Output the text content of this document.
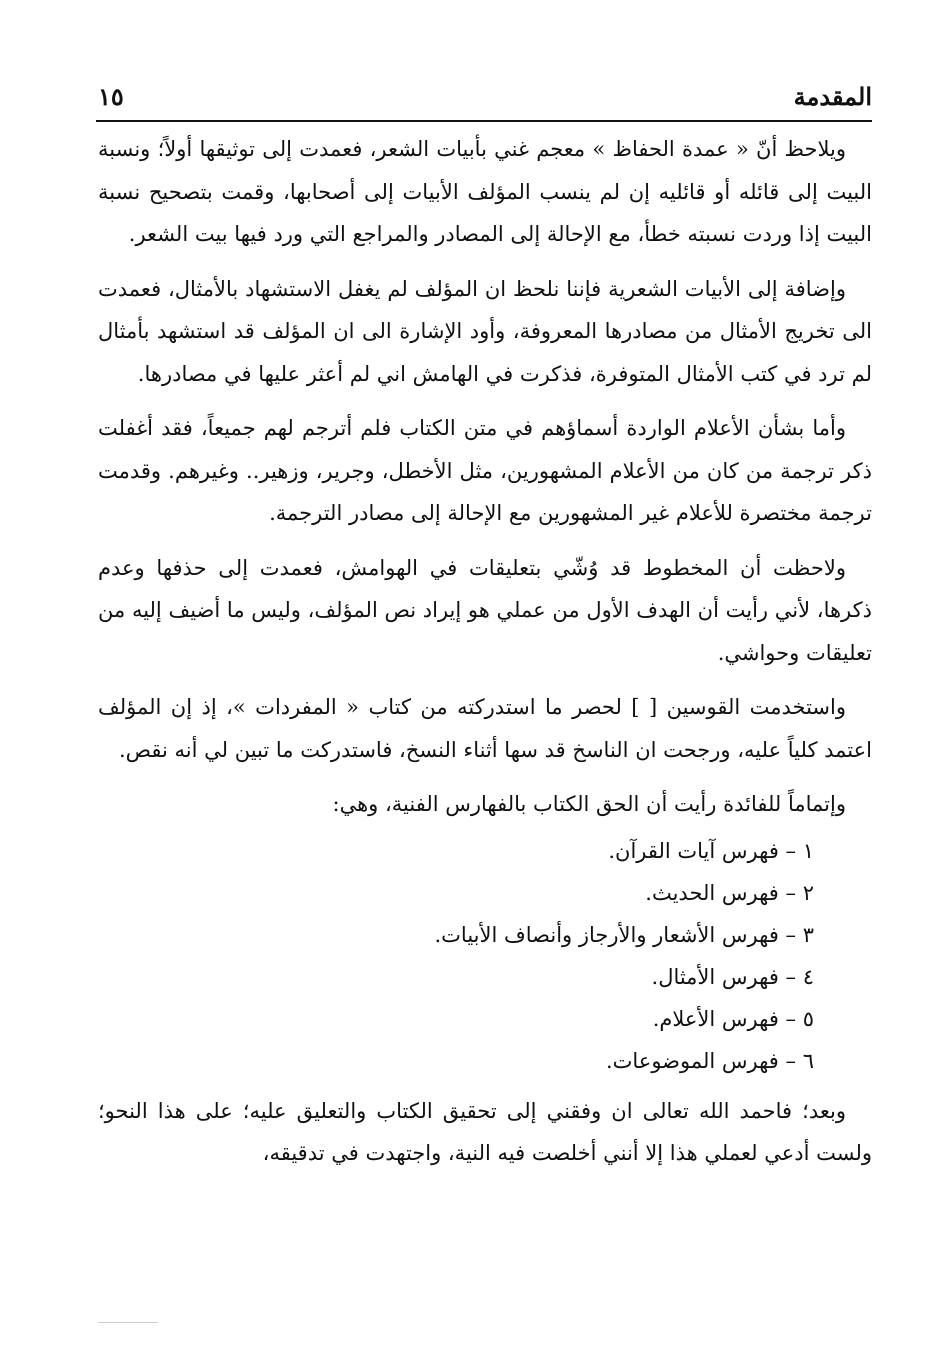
المقدمة
١٥

ويلاحظ أنّ « عمدة الحفاظ » معجم غني بأبيات الشعر، فعمدت إلى توثيقها أولاً؛ ونسبة البيت إلى قائله أو قائليه إن لم ينسب المؤلف الأبيات إلى أصحابها، وقمت بتصحيح نسبة البيت إذا وردت نسبته خطأ، مع الإحالة إلى المصادر والمراجع التي ورد فيها بيت الشعر.

وإضافة إلى الأبيات الشعرية فإننا نلحظ ان المؤلف لم يغفل الاستشهاد بالأمثال، فعمدت الى تخريج الأمثال من مصادرها المعروفة، وأود الإشارة الى ان المؤلف قد استشهد بأمثال لم ترد في كتب الأمثال المتوفرة، فذكرت في الهامش اني لم أعثر عليها في مصادرها.

وأما بشأن الأعلام الواردة أسماؤهم في متن الكتاب فلم أترجم لهم جميعاً، فقد أغفلت ذكر ترجمة من كان من الأعلام المشهورين، مثل الأخطل، وجرير، وزهير.. وغيرهم. وقدمت ترجمة مختصرة للأعلام غير المشهورين مع الإحالة إلى مصادر الترجمة.

ولاحظت أن المخطوط قد وُشّي بتعليقات في الهوامش، فعمدت إلى حذفها وعدم ذكرها، لأني رأيت أن الهدف الأول من عملي هو إيراد نص المؤلف، وليس ما أضيف إليه من تعليقات وحواشي.

واستخدمت القوسين [ ] لحصر ما استدركته من كتاب « المفردات »، إذ إن المؤلف اعتمد كلياً عليه، ورجحت ان الناسخ قد سها أثناء النسخ، فاستدركت ما تبين لي أنه نقص.

وإتماماً للفائدة رأيت أن الحق الكتاب بالفهارس الفنية، وهي:
١ – فهرس آيات القرآن.
٢ – فهرس الحديث.
٣ – فهرس الأشعار والأرجاز وأنصاف الأبيات.
٤ – فهرس الأمثال.
٥ – فهرس الأعلام.
٦ – فهرس الموضوعات.

وبعد؛ فاحمد الله تعالى ان وفقني إلى تحقيق الكتاب والتعليق عليه؛ على هذا النحو؛ ولست أدعي لعملي هذا إلا أنني أخلصت فيه النية، واجتهدت في تدقيقه،
